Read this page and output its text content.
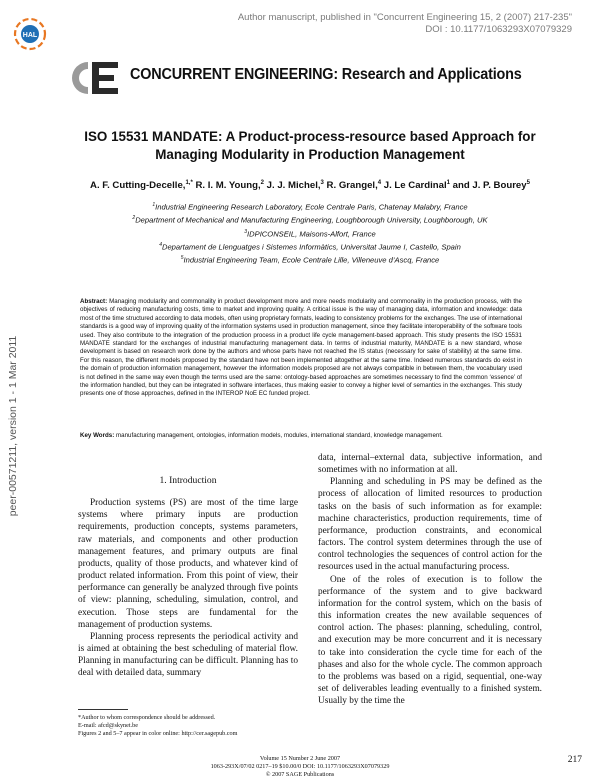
HAL
Author manuscript, published in "Concurrent Engineering 15, 2 (2007) 217-235"
DOI : 10.1177/1063293X07079329
peer-00571211, version 1 - 1 Mar 2011
CONCURRENT ENGINEERING: Research and Applications
ISO 15531 MANDATE: A Product-process-resource based Approach for
Managing Modularity in Production Management
A. F. Cutting-Decelle,$^{1,*}$ R. I. M. Young,$^2$ J. J. Michel,$^3$ R. Grangel,$^4$ J. Le Cardinal$^1$ and J. P. Bourey$^5$
$^1$Industrial Engineering Research Laboratory, Ecole Centrale Paris, Chatenay Malabry, France
$^2$Department of Mechanical and Manufacturing Engineering, Loughborough University, Loughborough, UK
$^3$IDPICONSEIL, Maisons-Alfort, France
$^4$Departament de Llenguatges i Sistemes Informàtics, Universitat Jaume I, Castello, Spain
$^5$Industrial Engineering Team, Ecole Centrale Lille, Villeneuve d’Ascq, France
Abstract: Managing modularity and commonality in product development more and more needs modularity and commonality in the production process, with the objectives of reducing manufacturing costs, time to market and improving quality. A critical issue is the way of managing data, information and knowledge: data most of the time structured according to data models, often using proprietary formats, leading to consistency problems for the exchanges. The use of international standards is a good way of improving quality of the information systems used in production management, since they facilitate interoperability of the software tools used. They also contribute to the integration of the production process in a product life cycle management-based approach. This study presents the ISO 15531 MANDATE standard for the exchanges of industrial manufacturing management data. In terms of industrial maturity, MANDATE is a new standard, whose development is based on research work done by the authors and whose parts have not reached the IS status (necessary for sake of stability) at the same time. For this reason, the different models proposed by the standard have not been implemented altogether at the same time. Indeed numerous standards do exist in the domain of production information management, however the information models proposed are not always compatible in between them, the vocabulary used is not defined in the same way even though the terms used are the same: ontology-based approaches are sometimes necessary to find the common ‘essence’ of the information handled, but they can be integrated in software interfaces, thus making easier to convey a higher level of semantics in the exchanges. This study presents one of those approaches, defined in the INTEROP NoE EC funded project.
Key Words: manufacturing management, ontologies, information models, modules, international standard, knowledge management.
1. Introduction

Production systems (PS) are most of the time large systems where primary inputs are production requirements, production concepts, systems parameters, raw materials, and components and other production management features, and primary outputs are final products, quality of those products, and whatever kind of product related information. From this point of view, their performance can generally be analyzed through five points of view: planning, scheduling, simulation, control, and execution. Those steps are fundamental for the management of production systems.

Planning process represents the periodical activity and is aimed at obtaining the best scheduling of material flow. Planning in manufacturing can be difficult. Planning has to deal with detailed data, summary

data, internal–external data, subjective information, and sometimes with no information at all.

Planning and scheduling in PS may be defined as the process of allocation of limited resources to production tasks on the basis of such information as for example: machine characteristics, production requirements, time of performance, production constraints, and economical factors. The control system determines through the use of control technologies the sequences of control action for the resources used in the actual manufacturing process.

One of the roles of execution is to follow the performance of the system and to give backward information for the control system, which on the basis of this information creates the new available sequences of control action. The phases: planning, scheduling, control, and execution may be more concurrent and it is necessary to take into consideration the cycle time for each of the phases and also for the whole cycle. The common approach to the problems was based on a rigid, sequential, one-way set of deliverables leading eventually to a finished system. Usually by the time the

*Author to whom correspondence should be addressed.
E-mail: afcd@skynet.be
Figures 2 and 5–7 appear in color online: http://cer.sagepub.com
Volume 15 Number 2 June 2007
1063-293X/07/02 0217–19 $10.00/0 DOI: 10.1177/1063293X07079329
© 2007 SAGE Publications
217
